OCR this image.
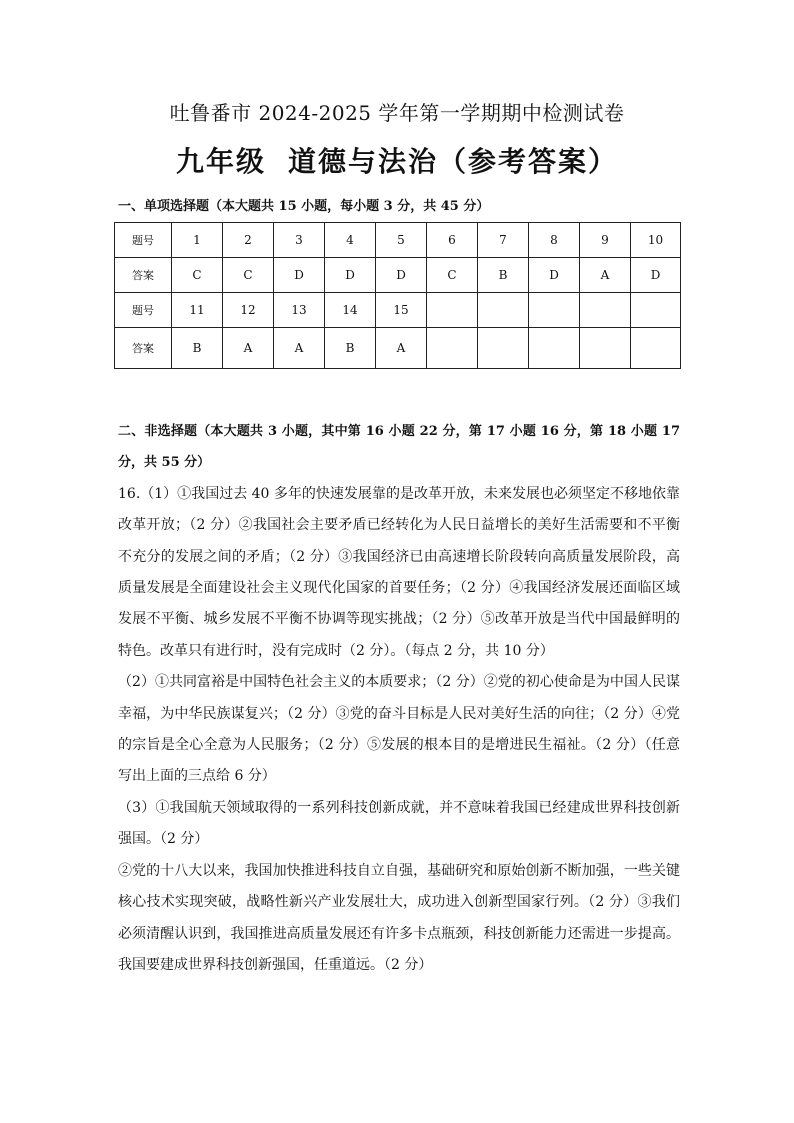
吐鲁番市 2024-2025 学年第一学期期中检测试卷
九年级 道德与法治（参考答案）
一、单项选择题（本大题共 15 小题，每小题 3 分，共 45 分）
题号	1	2	3	4	5	6	7	8	9	10
答案	C	C	D	D	D	C	B	D	A	D
题号	11	12	13	14	15					
答案	B	A	A	B	A					

二、非选择题（本大题共 3 小题，其中第 16 小题 22 分，第 17 小题 16 分，第 18 小题 17 分，共 55 分）

16.（1）①我国过去 40 多年的快速发展靠的是改革开放，未来发展也必须坚定不移地依靠改革开放；（2 分）②我国社会主要矛盾已经转化为人民日益增长的美好生活需要和不平衡不充分的发展之间的矛盾；（2 分）③我国经济已由高速增长阶段转向高质量发展阶段，高质量发展是全面建设社会主义现代化国家的首要任务；（2 分）④我国经济发展还面临区域发展不平衡、城乡发展不平衡不协调等现实挑战；（2 分）⑤改革开放是当代中国最鲜明的特色。改革只有进行时，没有完成时（2 分）。（每点 2 分，共 10 分）

（2）①共同富裕是中国特色社会主义的本质要求；（2 分）②党的初心使命是为中国人民谋幸福，为中华民族谋复兴；（2 分）③党的奋斗目标是人民对美好生活的向往；（2 分）④党的宗旨是全心全意为人民服务；（2 分）⑤发展的根本目的是增进民生福祉。（2 分）（任意写出上面的三点给 6 分）

（3）①我国航天领域取得的一系列科技创新成就，并不意味着我国已经建成世界科技创新强国。（2 分）

②党的十八大以来，我国加快推进科技自立自强，基础研究和原始创新不断加强，一些关键核心技术实现突破，战略性新兴产业发展壮大，成功进入创新型国家行列。（2 分）③我们必须清醒认识到，我国推进高质量发展还有许多卡点瓶颈，科技创新能力还需进一步提高。我国要建成世界科技创新强国，任重道远。（2 分）
